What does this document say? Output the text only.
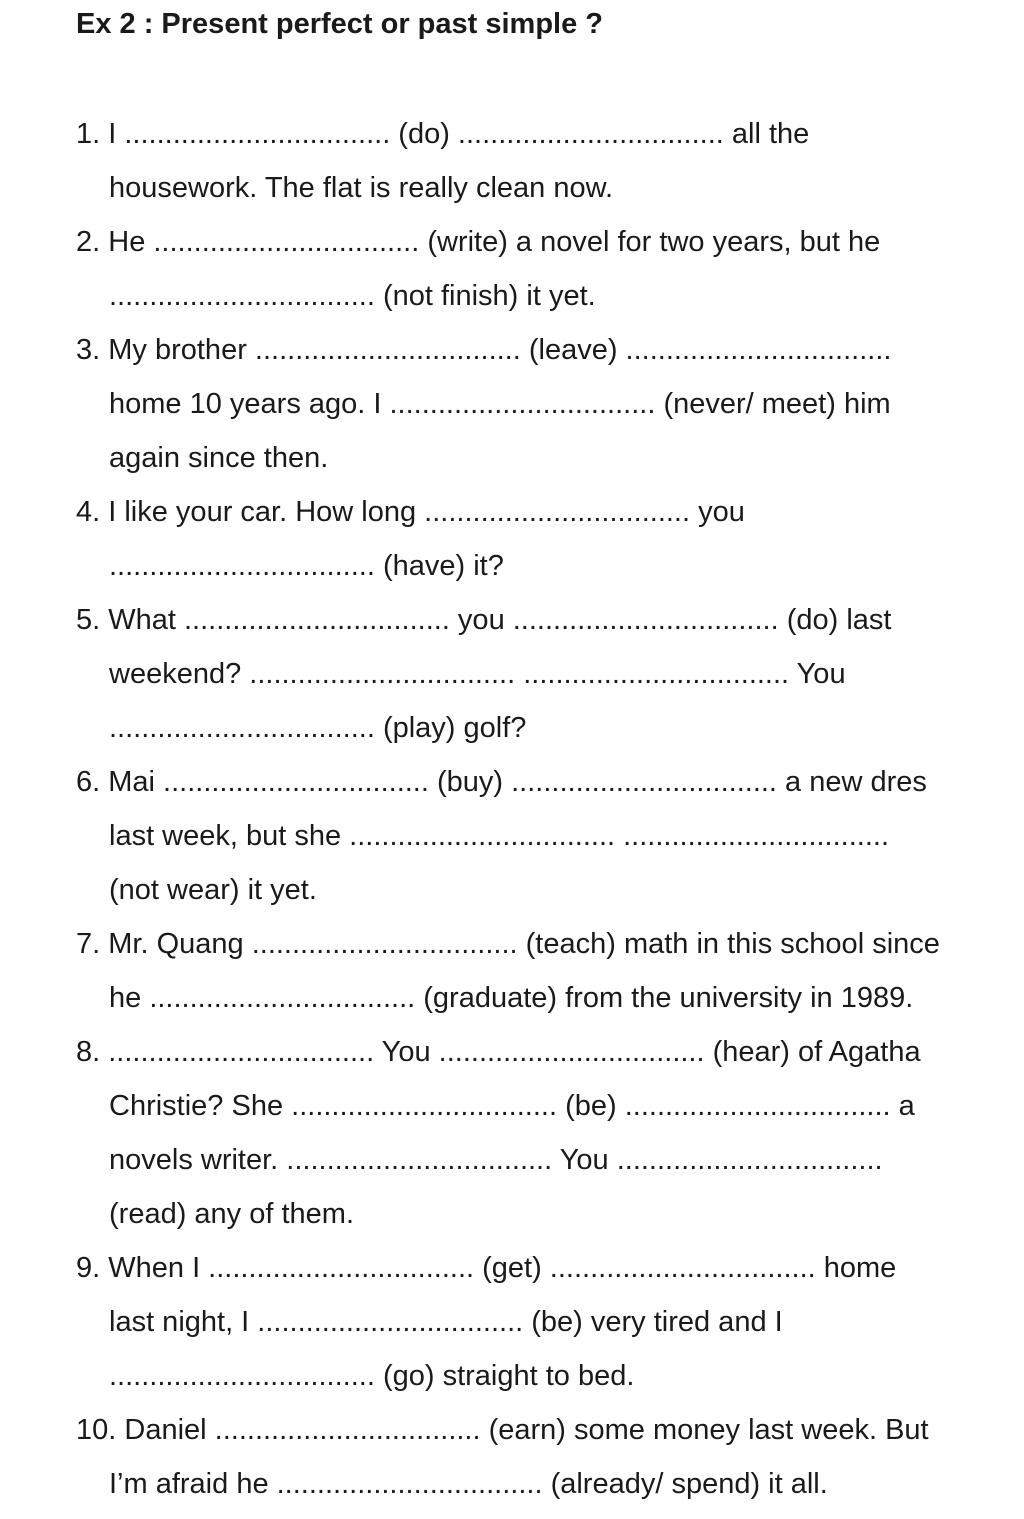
Ex 2 : Present perfect or past simple ?
1. I ................................. (do) ................................. all the
housework. The flat is really clean now.
2. He ................................. (write) a novel for two years, but he
................................. (not finish) it yet.
3. My brother ................................. (leave) .................................
home 10 years ago. I ................................. (never/ meet) him
again since then.
4. I like your car. How long ................................. you
................................. (have) it?
5. What ................................. you ................................. (do) last
weekend? ................................. ................................. You
................................. (play) golf?
6. Mai ................................. (buy) ................................. a new dres
last week, but she ................................. .................................
(not wear) it yet.
7. Mr. Quang ................................. (teach) math in this school since
he ................................. (graduate) from the university in 1989.
8. ................................. You ................................. (hear) of Agatha
Christie? She ................................. (be) ................................. a
novels writer. ................................. You .................................
(read) any of them.
9. When I ................................. (get) ................................. home
last night, I ................................. (be) very tired and I
................................. (go) straight to bed.
10. Daniel ................................. (earn) some money last week. But
I’m afraid he ................................. (already/ spend) it all.
